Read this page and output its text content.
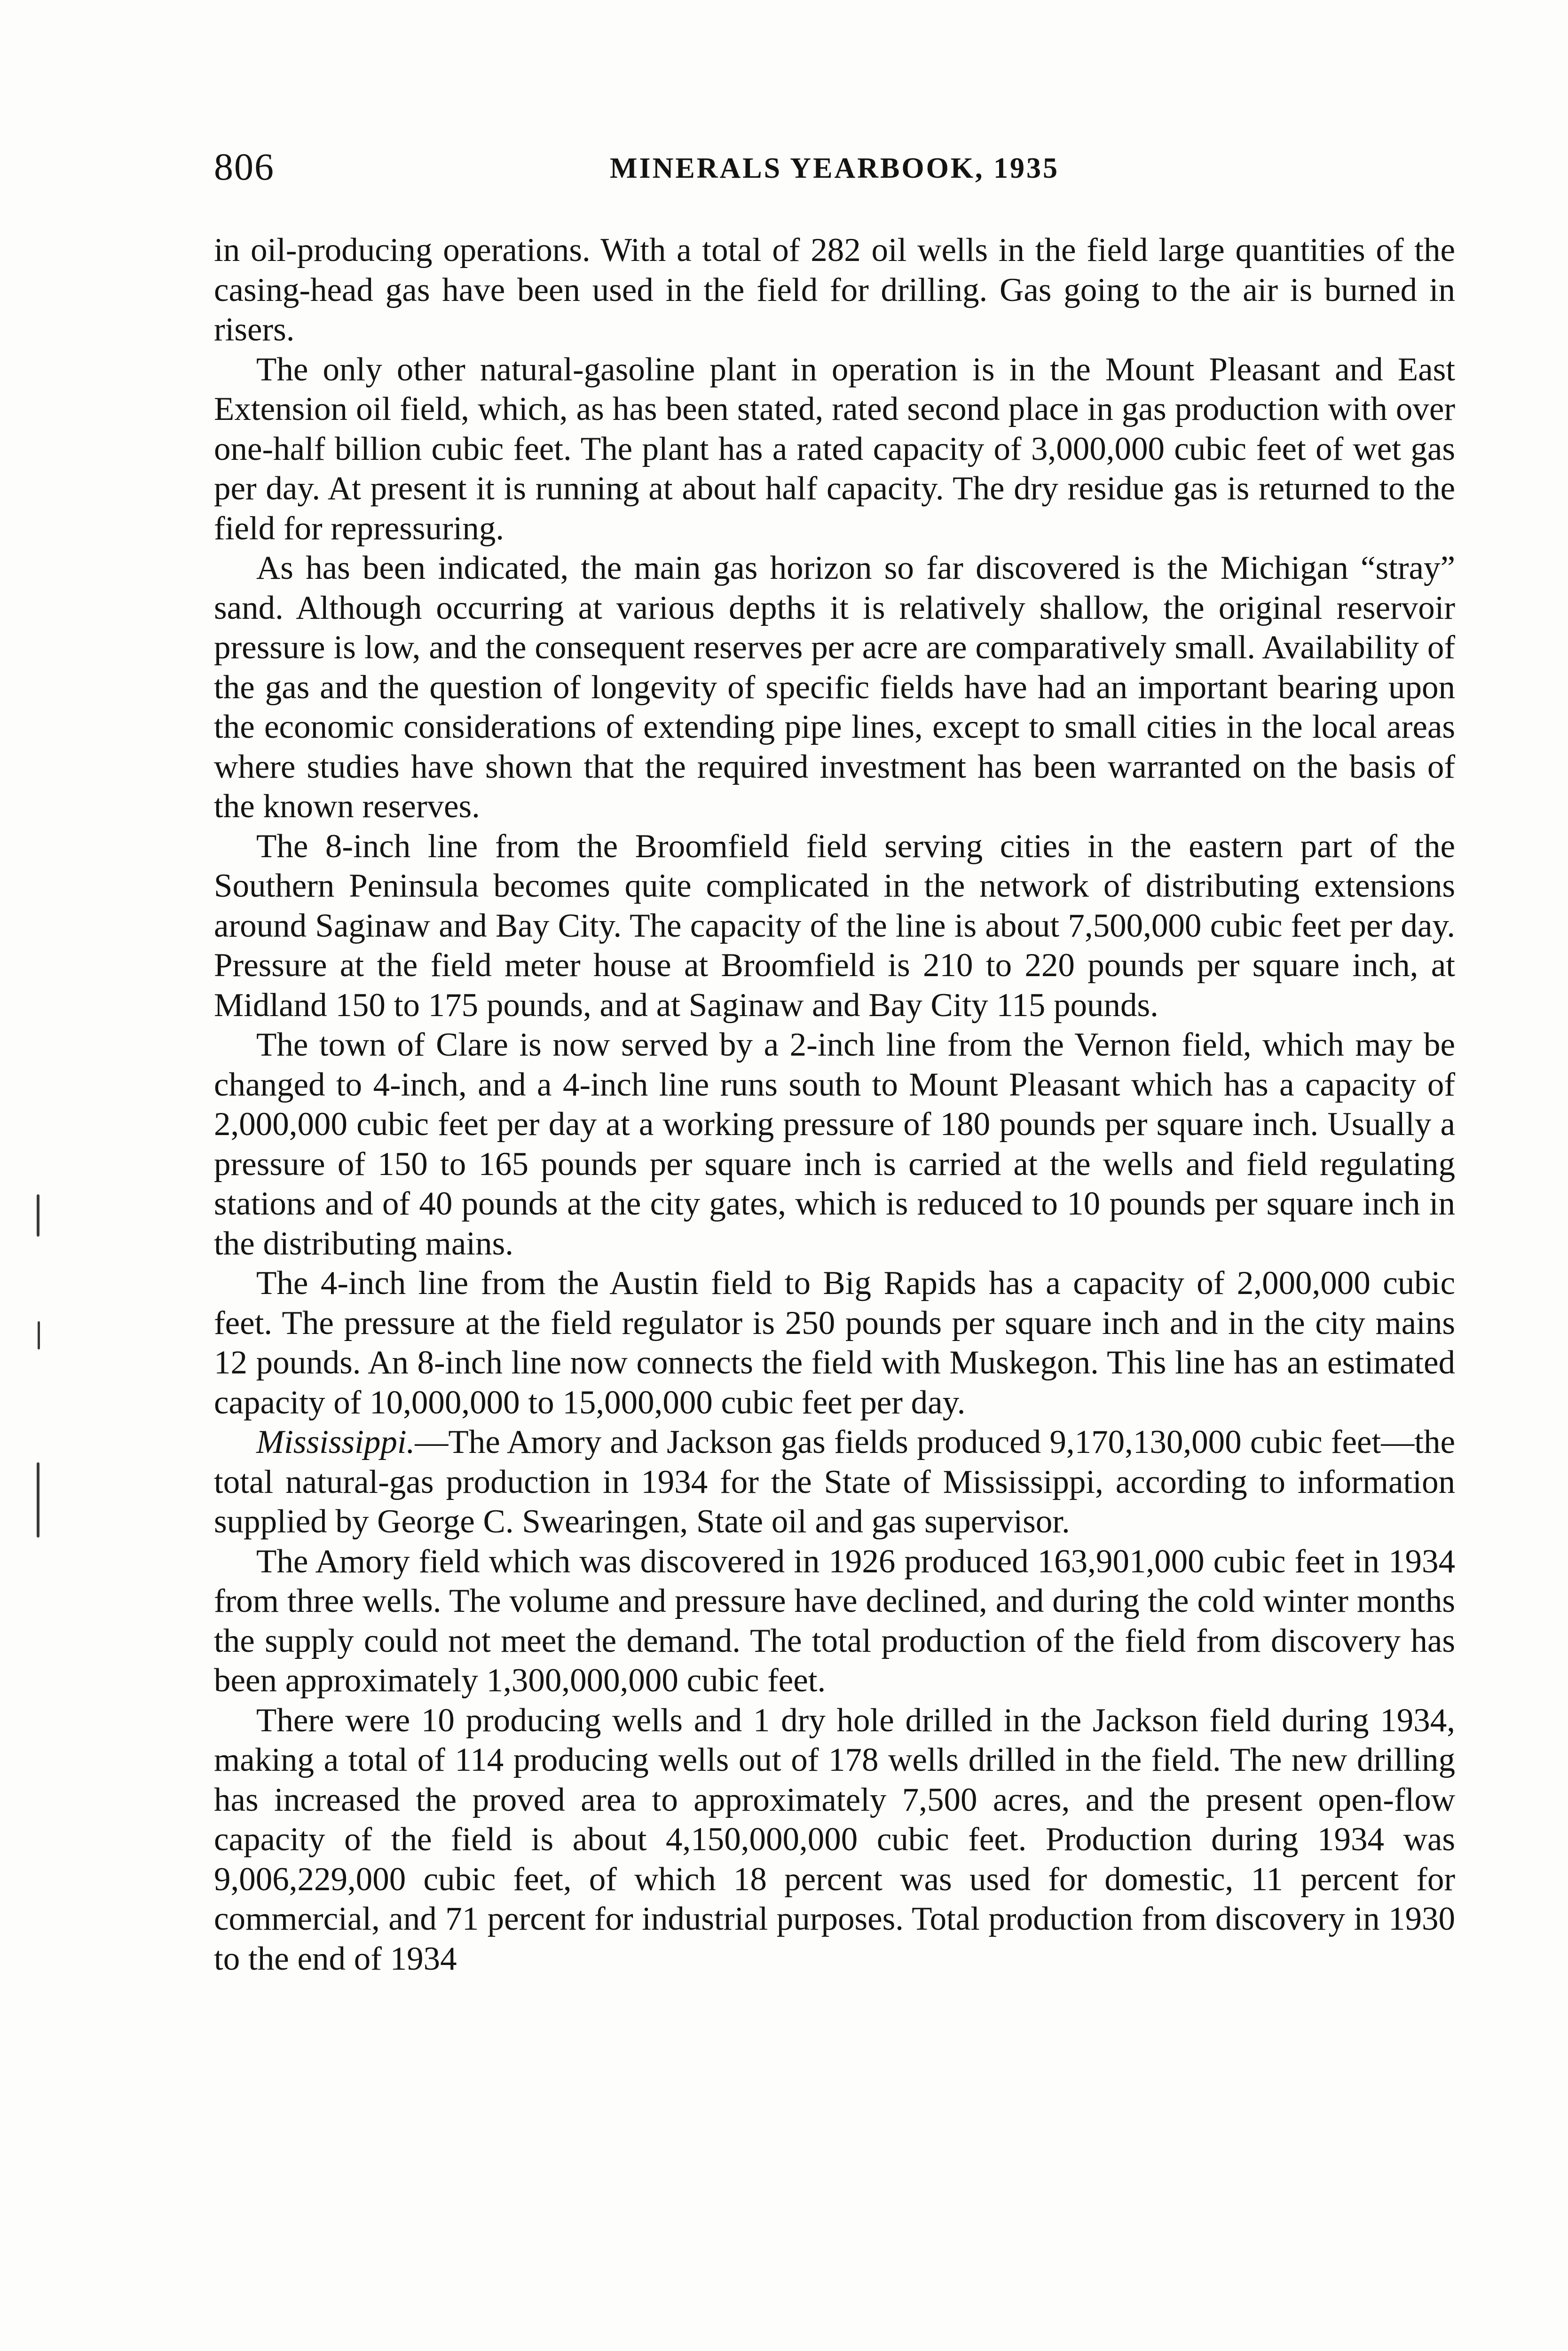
806	MINERALS YEARBOOK, 1935

in oil-producing operations. With a total of 282 oil wells in the field large quantities of the casing-head gas have been used in the field for drilling. Gas going to the air is burned in risers.

The only other natural-gasoline plant in operation is in the Mount Pleasant and East Extension oil field, which, as has been stated, rated second place in gas production with over one-half billion cubic feet. The plant has a rated capacity of 3,000,000 cubic feet of wet gas per day. At present it is running at about half capacity. The dry residue gas is returned to the field for repressuring.

As has been indicated, the main gas horizon so far discovered is the Michigan “stray” sand. Although occurring at various depths it is relatively shallow, the original reservoir pressure is low, and the consequent reserves per acre are comparatively small. Availability of the gas and the question of longevity of specific fields have had an important bearing upon the economic considerations of extending pipe lines, except to small cities in the local areas where studies have shown that the required investment has been warranted on the basis of the known reserves.

The 8-inch line from the Broomfield field serving cities in the eastern part of the Southern Peninsula becomes quite complicated in the network of distributing extensions around Saginaw and Bay City. The capacity of the line is about 7,500,000 cubic feet per day. Pressure at the field meter house at Broomfield is 210 to 220 pounds per square inch, at Midland 150 to 175 pounds, and at Saginaw and Bay City 115 pounds.

The town of Clare is now served by a 2-inch line from the Vernon field, which may be changed to 4-inch, and a 4-inch line runs south to Mount Pleasant which has a capacity of 2,000,000 cubic feet per day at a working pressure of 180 pounds per square inch. Usually a pressure of 150 to 165 pounds per square inch is carried at the wells and field regulating stations and of 40 pounds at the city gates, which is reduced to 10 pounds per square inch in the distributing mains.

The 4-inch line from the Austin field to Big Rapids has a capacity of 2,000,000 cubic feet. The pressure at the field regulator is 250 pounds per square inch and in the city mains 12 pounds. An 8-inch line now connects the field with Muskegon. This line has an estimated capacity of 10,000,000 to 15,000,000 cubic feet per day.

Mississippi.—The Amory and Jackson gas fields produced 9,170,130,000 cubic feet—the total natural-gas production in 1934 for the State of Mississippi, according to information supplied by George C. Swearingen, State oil and gas supervisor.

The Amory field which was discovered in 1926 produced 163,901,000 cubic feet in 1934 from three wells. The volume and pressure have declined, and during the cold winter months the supply could not meet the demand. The total production of the field from discovery has been approximately 1,300,000,000 cubic feet.

There were 10 producing wells and 1 dry hole drilled in the Jackson field during 1934, making a total of 114 producing wells out of 178 wells drilled in the field. The new drilling has increased the proved area to approximately 7,500 acres, and the present open-flow capacity of the field is about 4,150,000,000 cubic feet. Production during 1934 was 9,006,229,000 cubic feet, of which 18 percent was used for domestic, 11 percent for commercial, and 71 percent for industrial purposes. Total production from discovery in 1930 to the end of 1934
